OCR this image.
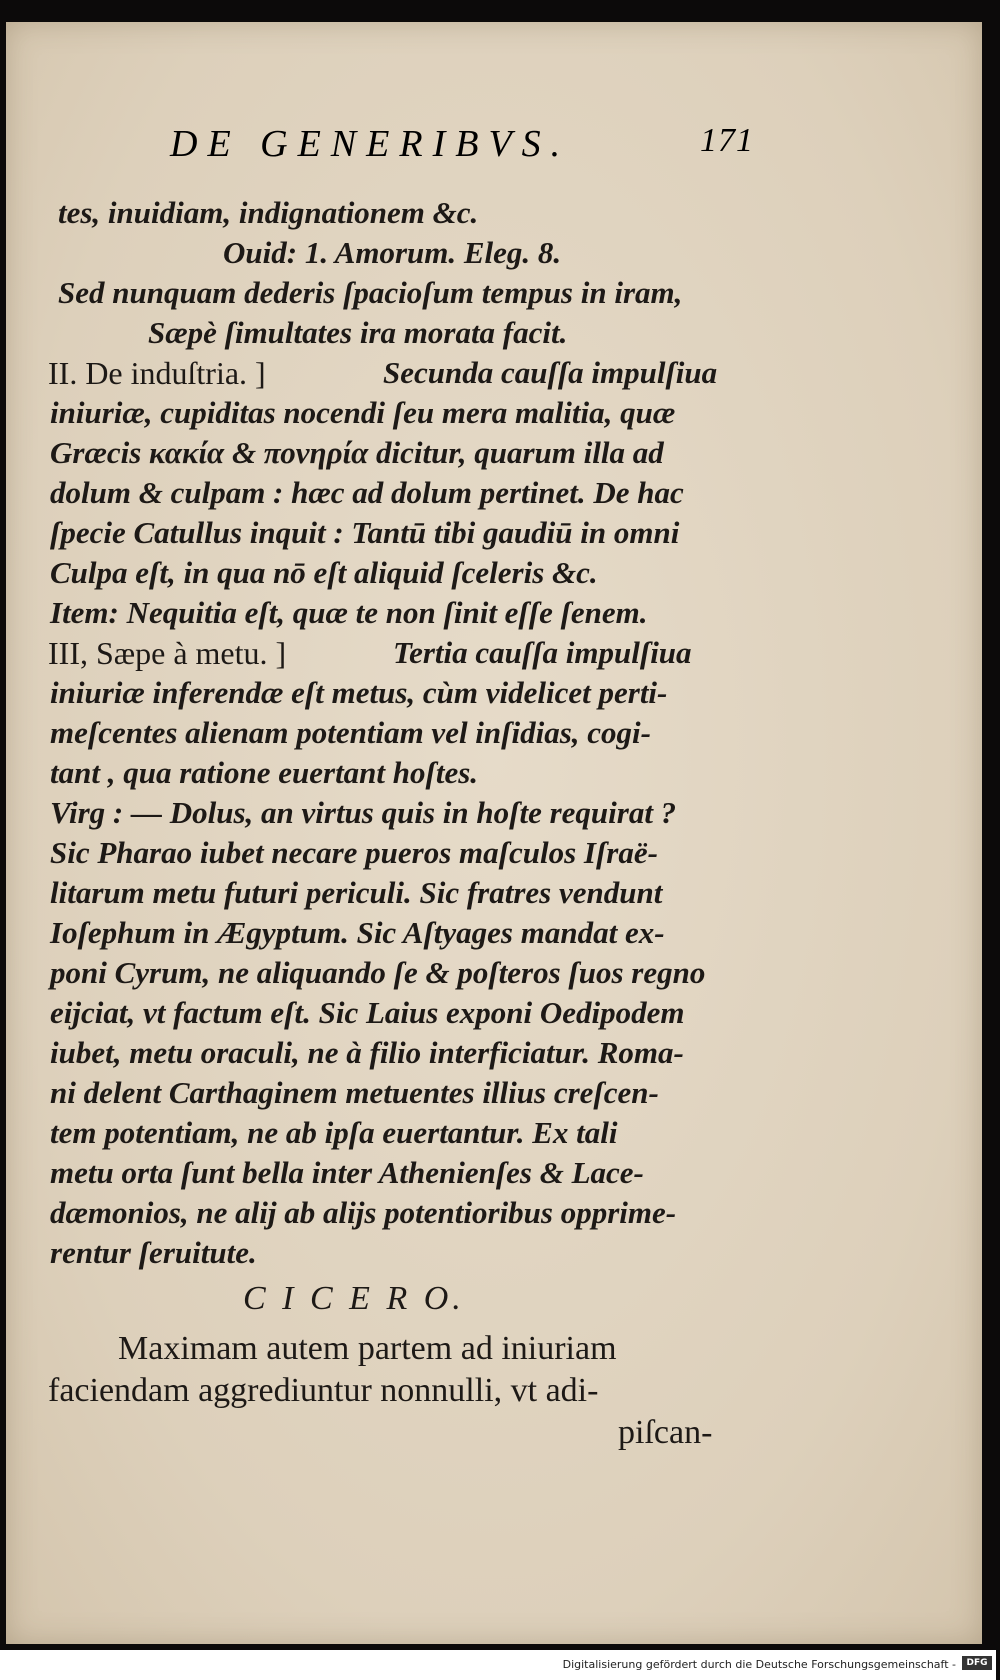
DE GENERIBVS.	171
tes, inuidiam, indignationem &c.
Ouid: 1. Amorum. Eleg. 8.
Sed nunquam dederis ſpacioſum tempus in iram,
Sæpè ſimultates ira morata facit.
II. De induſtria. ]	Secunda cauſſa impulſiua
iniuriæ, cupiditas nocendi ſeu mera malitia, quæ
Græcis κακία & πονηρία dicitur, quarum illa ad
dolum & culpam : hæc ad dolum pertinet. De hac
ſpecie Catullus inquit : Tantū tibi gaudiū in omni
Culpa eſt, in qua nō eſt aliquid ſceleris &c.
Item: Nequitia eſt, quæ te non ſinit eſſe ſenem.
III, Sæpe à metu. ]	Tertia cauſſa impulſiua
iniuriæ inferendæ eſt metus, cùm videlicet perti-
meſcentes alienam potentiam vel inſidias, cogi-
tant , qua ratione euertant hoſtes.
Virg : — Dolus, an virtus quis in hoſte requirat ?
Sic Pharao iubet necare pueros maſculos Iſraë-
litarum metu futuri periculi. Sic fratres vendunt
Ioſephum in Ægyptum. Sic Aſtyages mandat ex-
poni Cyrum, ne aliquando ſe & poſteros ſuos regno
eijciat, vt factum eſt. Sic Laius exponi Oedipodem
iubet, metu oraculi, ne à filio interficiatur. Roma-
ni delent Carthaginem metuentes illius creſcen-
tem potentiam, ne ab ipſa euertantur. Ex tali
metu orta ſunt bella inter Athenienſes & Lace-
dæmonios, ne alij ab alijs potentioribus opprime-
rentur ſeruitute.
C I C E R O.
Maximam autem partem ad iniuriam
faciendam aggrediuntur nonnulli, vt adi-
piſcan-
Digitalisierung gefördert durch die Deutsche Forschungsgemeinschaft -	DFG
